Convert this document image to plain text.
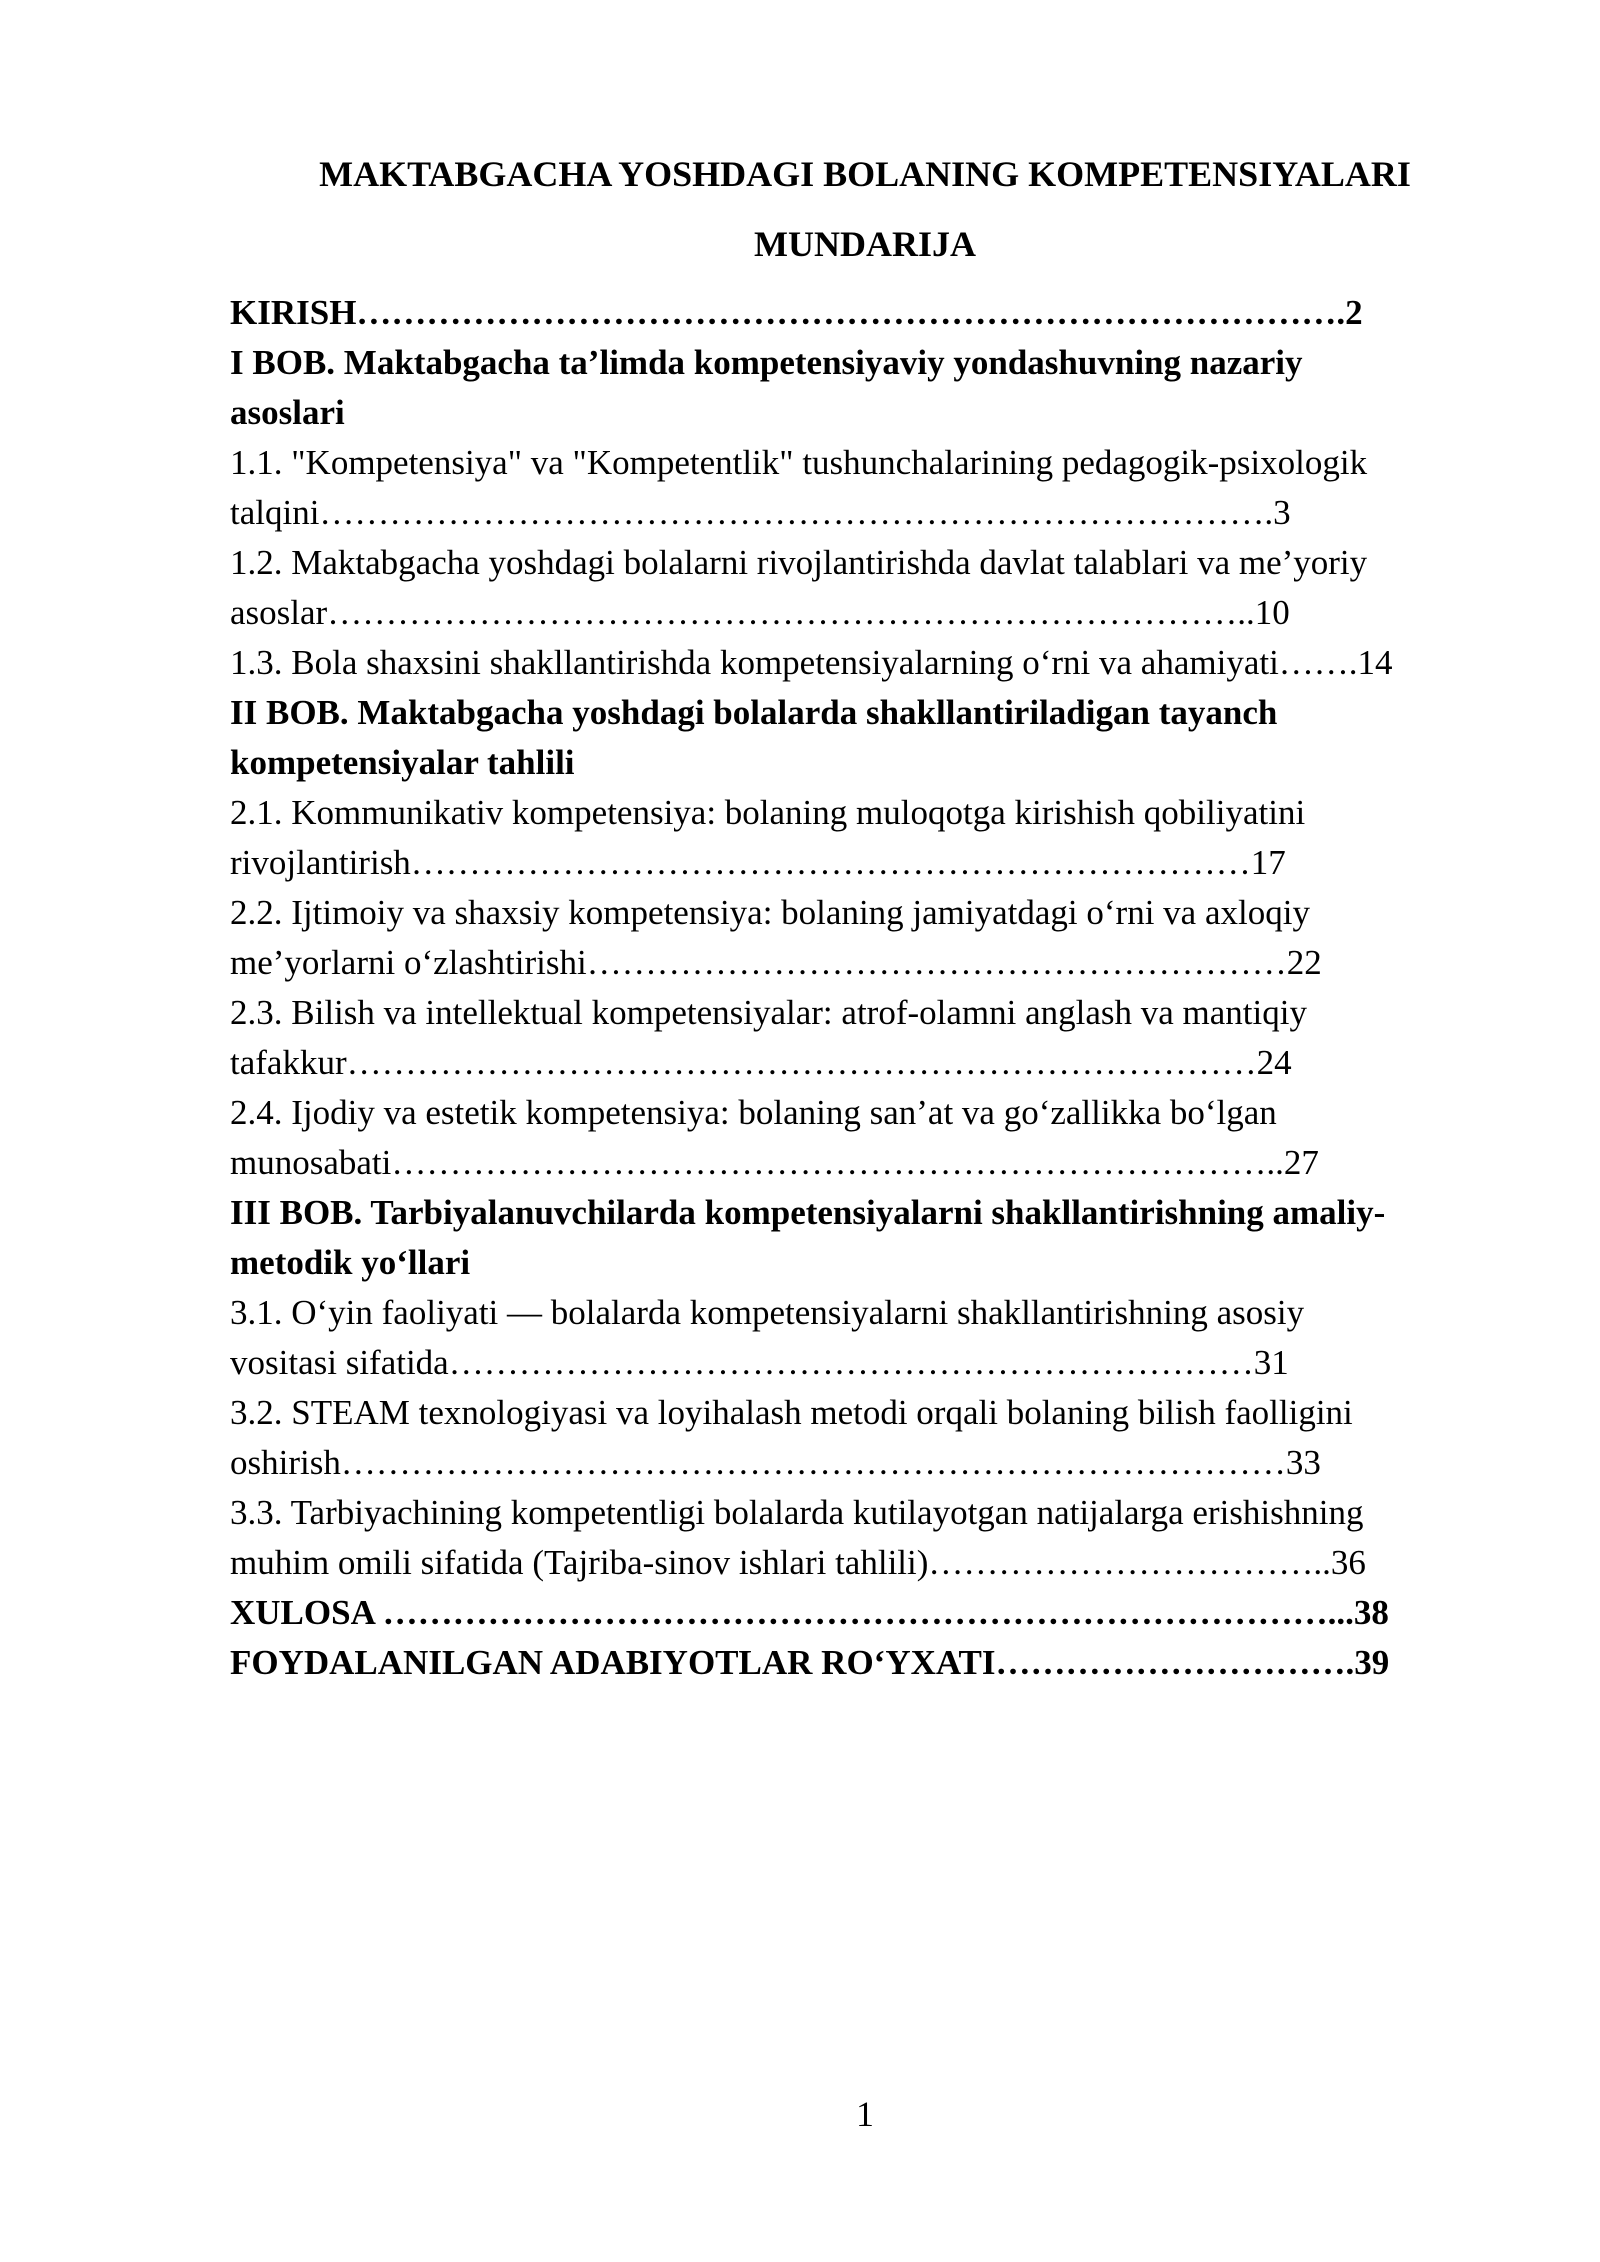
MAKTABGACHA YOSHDAGI BOLANING KOMPETENSIYALARI
MUNDARIJA
KIRISH………………………………………………………………………….2
I BOB. Maktabgacha ta’limda kompetensiyaviy yondashuvning nazariy
asoslari
1.1. "Kompetensiya" va "Kompetentlik" tushunchalarining pedagogik-psixologik
talqini……………………………………………………………………….3
1.2. Maktabgacha yoshdagi bolalarni rivojlantirishda davlat talablari va me’yoriy
asoslar……………………………………………………………………..10
1.3. Bola shaxsini shakllantirishda kompetensiyalarning o‘rni va ahamiyati…….14
II BOB. Maktabgacha yoshdagi bolalarda shakllantiriladigan tayanch
kompetensiyalar tahlili
2.1. Kommunikativ kompetensiya: bolaning muloqotga kirishish qobiliyatini
rivojlantirish………………………………………………………………17
2.2. Ijtimoiy va shaxsiy kompetensiya: bolaning jamiyatdagi o‘rni va axloqiy
me’yorlarni o‘zlashtirishi……………………………………………………22
2.3. Bilish va intellektual kompetensiyalar: atrof-olamni anglash va mantiqiy
tafakkur……………………………………………………………………24
2.4. Ijodiy va estetik kompetensiya: bolaning san’at va go‘zallikka bo‘lgan
munosabati…………………………………………………………………..27
III BOB. Tarbiyalanuvchilarda kompetensiyalarni shakllantirishning amaliy-
metodik yo‘llari
3.1. O‘yin faoliyati — bolalarda kompetensiyalarni shakllantirishning asosiy
vositasi sifatida……………………………………………………………31
3.2. STEAM texnologiyasi va loyihalash metodi orqali bolaning bilish faolligini
oshirish………………………………………………………………………33
3.3. Tarbiyachining kompetentligi bolalarda kutilayotgan natijalarga erishishning
muhim omili sifatida (Tajriba-sinov ishlari tahlili)……………………………..36
XULOSA ………………………………………………………………………...38
FOYDALANILGAN ADABIYOTLAR RO‘YXATI………………………….39
1
